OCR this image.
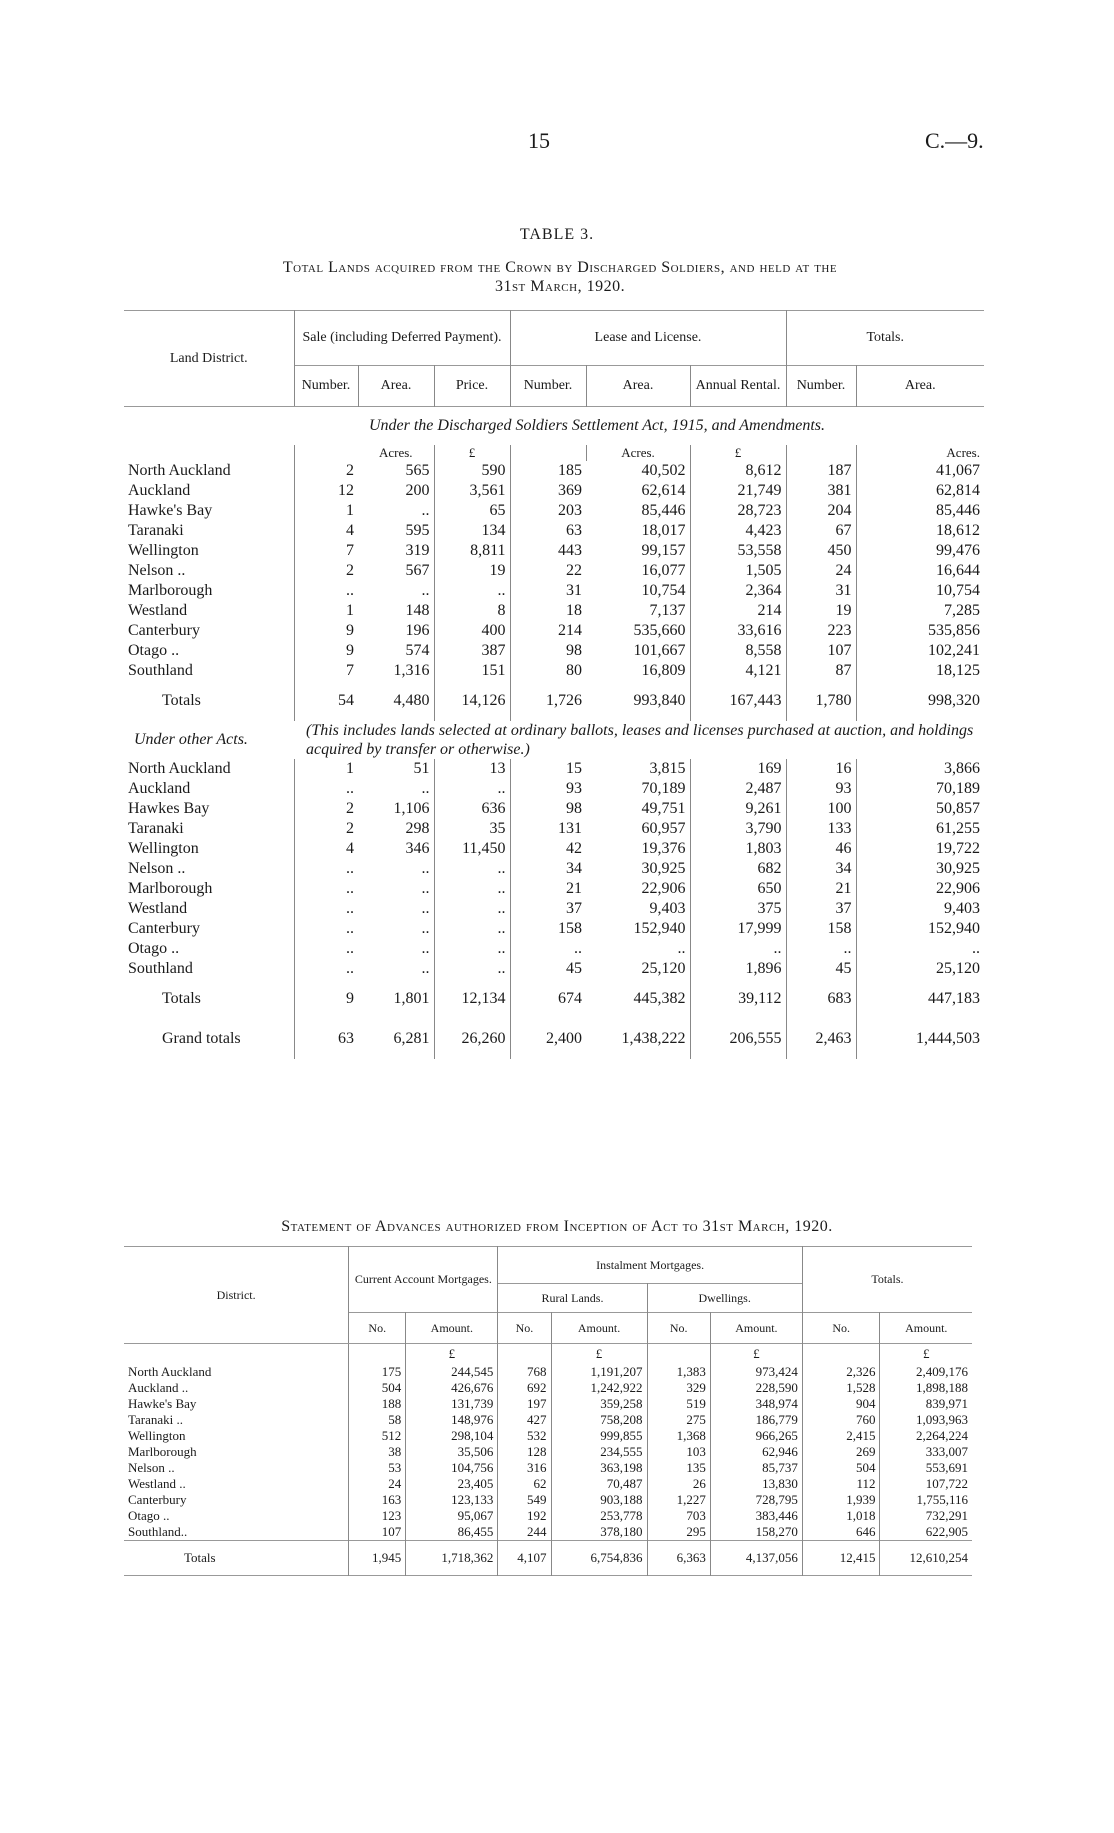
15	C.—9.
TABLE 3.
Total Lands acquired from the Crown by Discharged Soldiers, and held at the
31st March, 1920.
Land District.	Sale (including Deferred Payment).			Lease and License.			Totals.	
	Number.	Area.	Price.	Number.	Area.	Annual Rental.	Number.	Area.
Under the Discharged Soldiers Settlement Act, 1915, and Amendments.								
		Acres.	£		Acres.	£		Acres.
North Auckland	2	565	590	185	40,502	8,612	187	41,067
Auckland	12	200	3,561	369	62,614	21,749	381	62,814
Hawke's Bay	1	..	65	203	85,446	28,723	204	85,446
Taranaki	4	595	134	63	18,017	4,423	67	18,612
Wellington	7	319	8,811	443	99,157	53,558	450	99,476
Nelson ..	2	567	19	22	16,077	1,505	24	16,644
Marlborough	..	..	..	31	10,754	2,364	31	10,754
Westland	1	148	8	18	7,137	214	19	7,285
Canterbury	9	196	400	214	535,660	33,616	223	535,856
Otago ..	9	574	387	98	101,667	8,558	107	102,241
Southland	7	1,316	151	80	16,809	4,121	87	18,125
Totals	54	4,480	14,126	1,726	993,840	167,443	1,780	998,320
Under other Acts.	(This includes lands selected at ordinary ballots, leases and licenses purchased at auction, and holdings acquired by transfer or otherwise.)							
North Auckland	1	51	13	15	3,815	169	16	3,866
Auckland	..	..	..	93	70,189	2,487	93	70,189
Hawkes Bay	2	1,106	636	98	49,751	9,261	100	50,857
Taranaki	2	298	35	131	60,957	3,790	133	61,255
Wellington	4	346	11,450	42	19,376	1,803	46	19,722
Nelson ..	..	..	..	34	30,925	682	34	30,925
Marlborough	..	..	..	21	22,906	650	21	22,906
Westland	..	..	..	37	9,403	375	37	9,403
Canterbury	..	..	..	158	152,940	17,999	158	152,940
Otago ..	..	..	..	..	..	..	..	..
Southland	..	..	..	45	25,120	1,896	45	25,120
Totals	9	1,801	12,134	674	445,382	39,112	683	447,183
Grand totals	63	6,281	26,260	2,400	1,438,222	206,555	2,463	1,444,503
Statement of Advances authorized from Inception of Act to 31st March, 1920.
District.	Current Account Mortgages.		Instalment Mortgages.				Totals.	
			Rural Lands.		Dwellings.			
	No.	Amount.	No.	Amount.	No.	Amount.	No.	Amount.
		£		£		£		£
North Auckland	175	244,545	768	1,191,207	1,383	973,424	2,326	2,409,176
Auckland ..	504	426,676	692	1,242,922	329	228,590	1,528	1,898,188
Hawke's Bay	188	131,739	197	359,258	519	348,974	904	839,971
Taranaki ..	58	148,976	427	758,208	275	186,779	760	1,093,963
Wellington	512	298,104	532	999,855	1,368	966,265	2,415	2,264,224
Marlborough	38	35,506	128	234,555	103	62,946	269	333,007
Nelson ..	53	104,756	316	363,198	135	85,737	504	553,691
Westland ..	24	23,405	62	70,487	26	13,830	112	107,722
Canterbury	163	123,133	549	903,188	1,227	728,795	1,939	1,755,116
Otago ..	123	95,067	192	253,778	703	383,446	1,018	732,291
Southland..	107	86,455	244	378,180	295	158,270	646	622,905
Totals	1,945	1,718,362	4,107	6,754,836	6,363	4,137,056	12,415	12,610,254
